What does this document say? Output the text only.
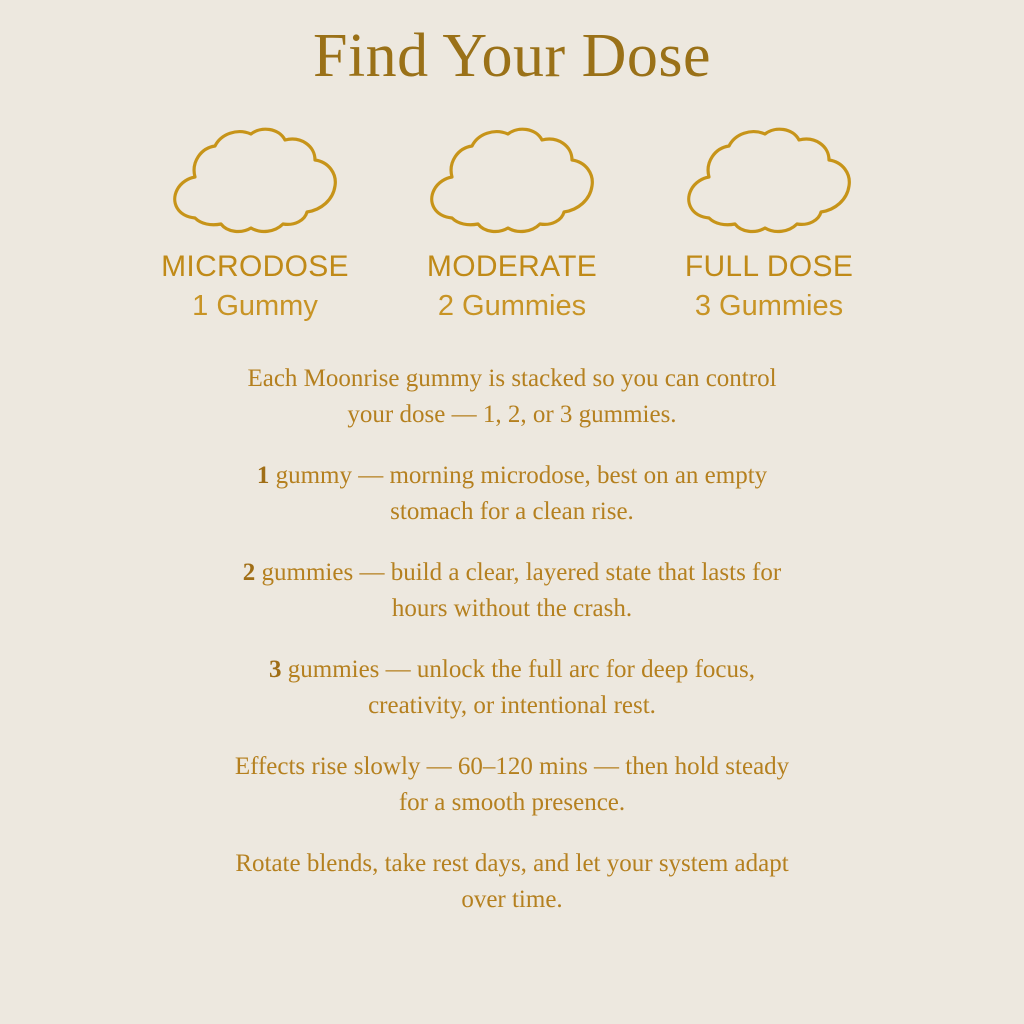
Find Your Dose
MICRODOSE
1 Gummy
MODERATE
2 Gummies
FULL DOSE
3 Gummies

Each Moonrise gummy is stacked so you can control your dose — 1, 2, or 3 gummies.

1 gummy — morning microdose, best on an empty stomach for a clean rise.

2 gummies — build a clear, layered state that lasts for hours without the crash.

3 gummies — unlock the full arc for deep focus, creativity, or intentional rest.

Effects rise slowly — 60–120 mins — then hold steady for a smooth presence.

Rotate blends, take rest days, and let your system adapt over time.
